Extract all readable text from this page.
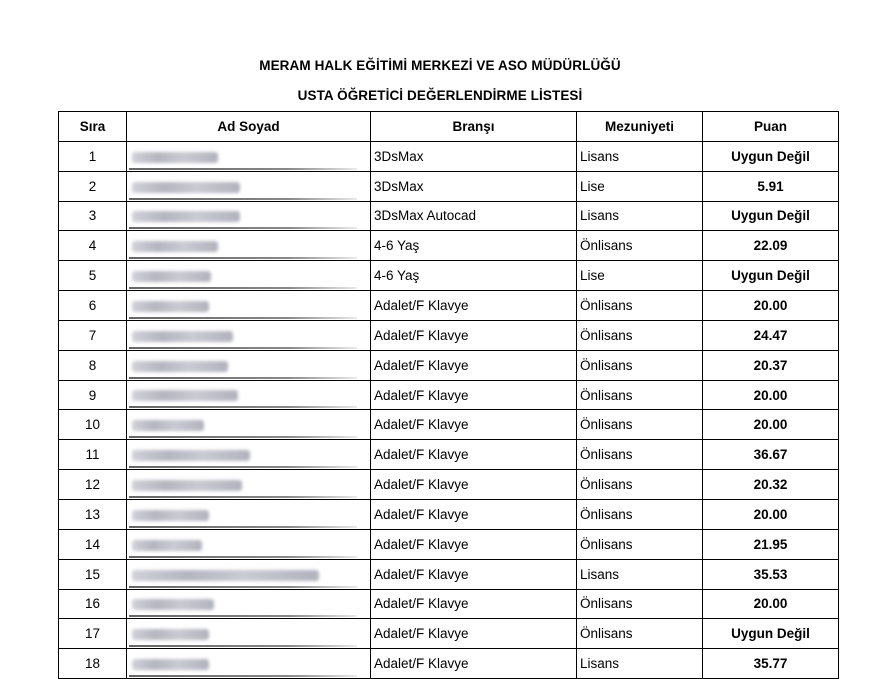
MERAM HALK EĞİTİMİ MERKEZİ VE ASO MÜDÜRLÜĞÜ
USTA ÖĞRETİCİ DEĞERLENDİRME LİSTESİ
Sıra	Ad Soyad	Branşı	Mezuniyeti	Puan
1		3DsMax	Lisans	Uygun Değil
2		3DsMax	Lise	5.91
3		3DsMax Autocad	Lisans	Uygun Değil
4		4-6 Yaş	Önlisans	22.09
5		4-6 Yaş	Lise	Uygun Değil
6		Adalet/F Klavye	Önlisans	20.00
7		Adalet/F Klavye	Önlisans	24.47
8		Adalet/F Klavye	Önlisans	20.37
9		Adalet/F Klavye	Önlisans	20.00
10		Adalet/F Klavye	Önlisans	20.00
11		Adalet/F Klavye	Önlisans	36.67
12		Adalet/F Klavye	Önlisans	20.32
13		Adalet/F Klavye	Önlisans	20.00
14		Adalet/F Klavye	Önlisans	21.95
15		Adalet/F Klavye	Lisans	35.53
16		Adalet/F Klavye	Önlisans	20.00
17		Adalet/F Klavye	Önlisans	Uygun Değil
18		Adalet/F Klavye	Lisans	35.77
